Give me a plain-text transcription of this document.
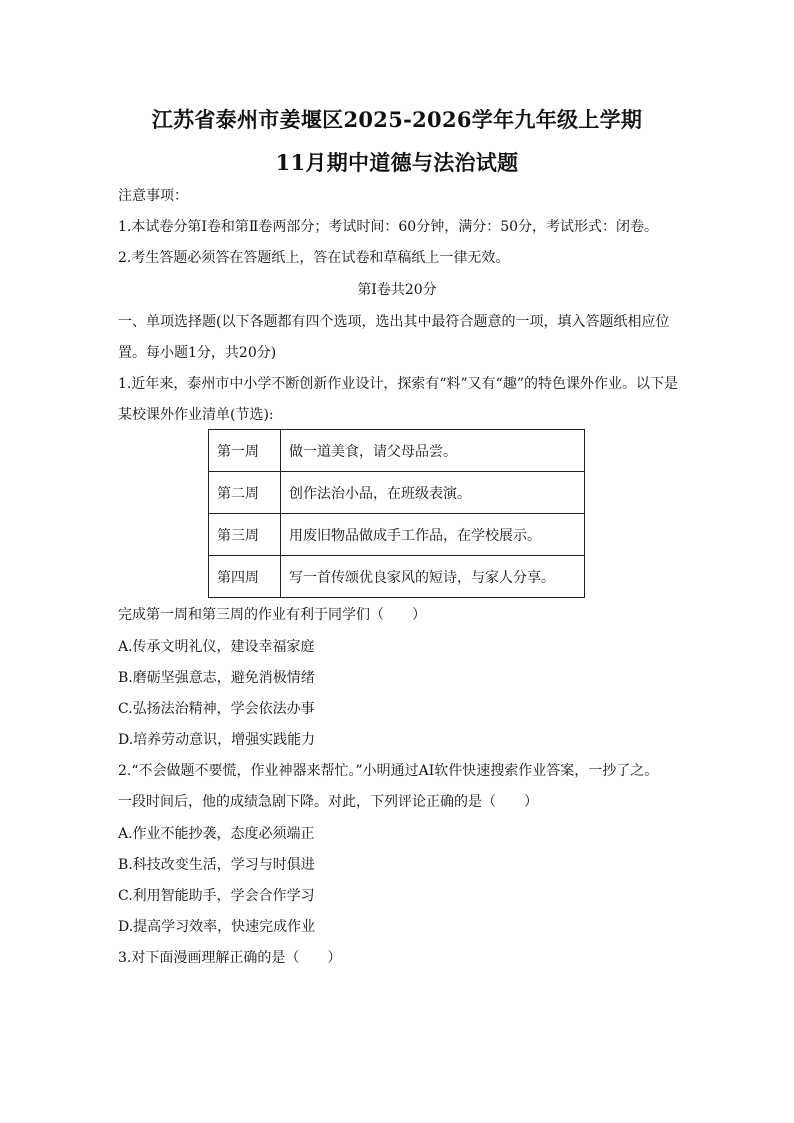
江苏省泰州市姜堰区2025-2026学年九年级上学期
11月期中道德与法治试题
注意事项：
1.本试卷分第Ⅰ卷和第Ⅱ卷两部分；考试时间：60分钟，满分：50分，考试形式：闭卷。
2.考生答题必须答在答题纸上，答在试卷和草稿纸上一律无效。
第Ⅰ卷共20分
一、单项选择题(以下各题都有四个选项，选出其中最符合题意的一项，填入答题纸相应位
置。每小题1分，共20分)
1.近年来，泰州市中小学不断创新作业设计，探索有“料”又有“趣”的特色课外作业。以下是
某校课外作业清单(节选):
第一周	做一道美食，请父母品尝。
第二周	创作法治小品，在班级表演。
第三周	用废旧物品做成手工作品，在学校展示。
第四周	写一首传颂优良家风的短诗，与家人分享。
完成第一周和第三周的作业有利于同学们（　　）
A.传承文明礼仪，建设幸福家庭
B.磨砺坚强意志，避免消极情绪
C.弘扬法治精神，学会依法办事
D.培养劳动意识，增强实践能力
2.“不会做题不要慌，作业神器来帮忙。”小明通过AI软件快速搜索作业答案，一抄了之。
一段时间后，他的成绩急剧下降。对此，下列评论正确的是（　　）
A.作业不能抄袭，态度必须端正
B.科技改变生活，学习与时俱进
C.利用智能助手，学会合作学习
D.提高学习效率，快速完成作业
3.对下面漫画理解正确的是（　　）
